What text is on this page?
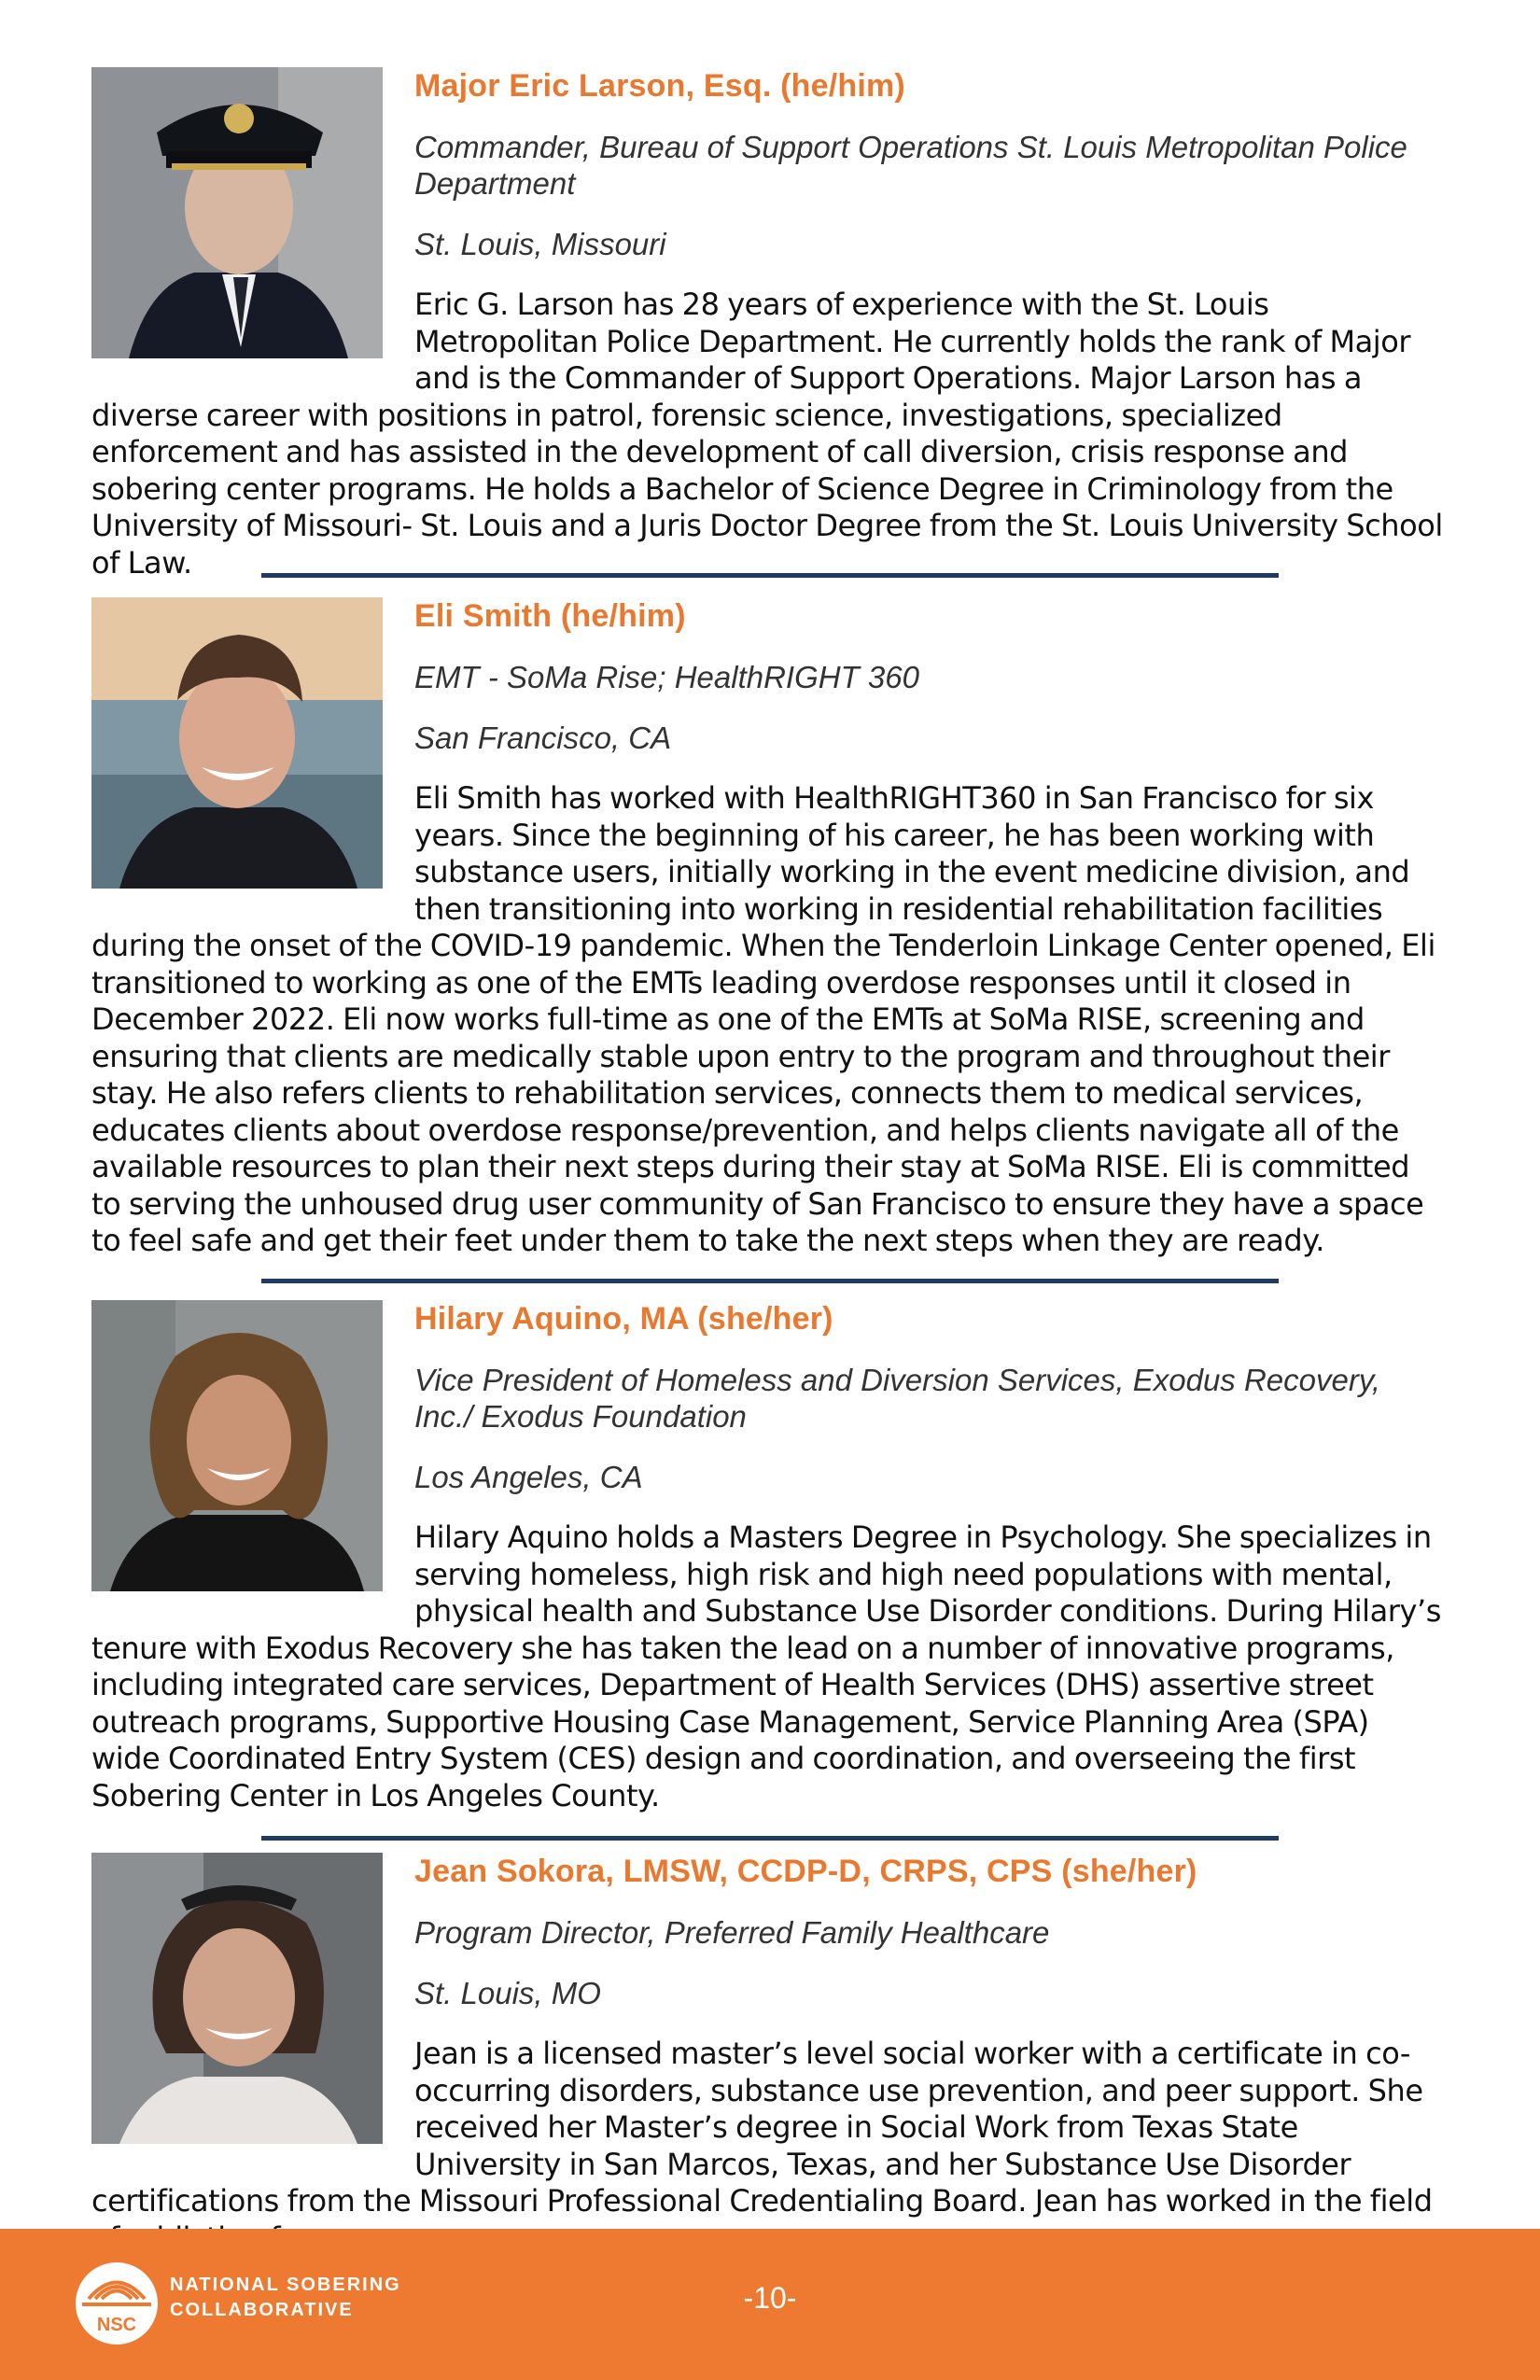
Major Eric Larson, Esq. (he/him)
Commander, Bureau of Support Operations St. Louis Metropolitan Police Department
St. Louis, Missouri

Eric G. Larson has 28 years of experience with the St. Louis Metropolitan Police Department. He currently holds the rank of Major and is the Commander of Support Operations. Major Larson has a diverse career with positions in patrol, forensic science, investigations, specialized enforcement and has assisted in the development of call diversion, crisis response and sobering center programs. He holds a Bachelor of Science Degree in Criminology from the University of Missouri- St. Louis and a Juris Doctor Degree from the St. Louis University School of Law.

Eli Smith (he/him)
EMT - SoMa Rise; HealthRIGHT 360
San Francisco, CA

Eli Smith has worked with HealthRIGHT360 in San Francisco for six years. Since the beginning of his career, he has been working with substance users, initially working in the event medicine division, and then transitioning into working in residential rehabilitation facilities during the onset of the COVID-19 pandemic. When the Tenderloin Linkage Center opened, Eli transitioned to working as one of the EMTs leading overdose responses until it closed in December 2022. Eli now works full-time as one of the EMTs at SoMa RISE, screening and ensuring that clients are medically stable upon entry to the program and throughout their stay. He also refers clients to rehabilitation services, connects them to medical services, educates clients about overdose response/prevention, and helps clients navigate all of the available resources to plan their next steps during their stay at SoMa RISE. Eli is committed to serving the unhoused drug user community of San Francisco to ensure they have a space to feel safe and get their feet under them to take the next steps when they are ready.

Hilary Aquino, MA (she/her)
Vice President of Homeless and Diversion Services, Exodus Recovery, Inc./ Exodus Foundation
Los Angeles, CA

Hilary Aquino holds a Masters Degree in Psychology. She specializes in serving homeless, high risk and high need populations with mental, physical health and Substance Use Disorder conditions. During Hilary’s tenure with Exodus Recovery she has taken the lead on a number of innovative programs, including integrated care services, Department of Health Services (DHS) assertive street outreach programs, Supportive Housing Case Management, Service Planning Area (SPA) wide Coordinated Entry System (CES) design and coordination, and overseeing the first Sobering Center in Los Angeles County.

Jean Sokora, LMSW, CCDP-D, CRPS, CPS (she/her)
Program Director, Preferred Family Healthcare
St. Louis, MO

Jean is a licensed master’s level social worker with a certificate in co-occurring disorders, substance use prevention, and peer support. She received her Master’s degree in Social Work from Texas State University in San Marcos, Texas, and her Substance Use Disorder certifications from the Missouri Professional Credentialing Board. Jean has worked in the field

NSC
NATIONAL SOBERING
COLLABORATIVE	-10-
